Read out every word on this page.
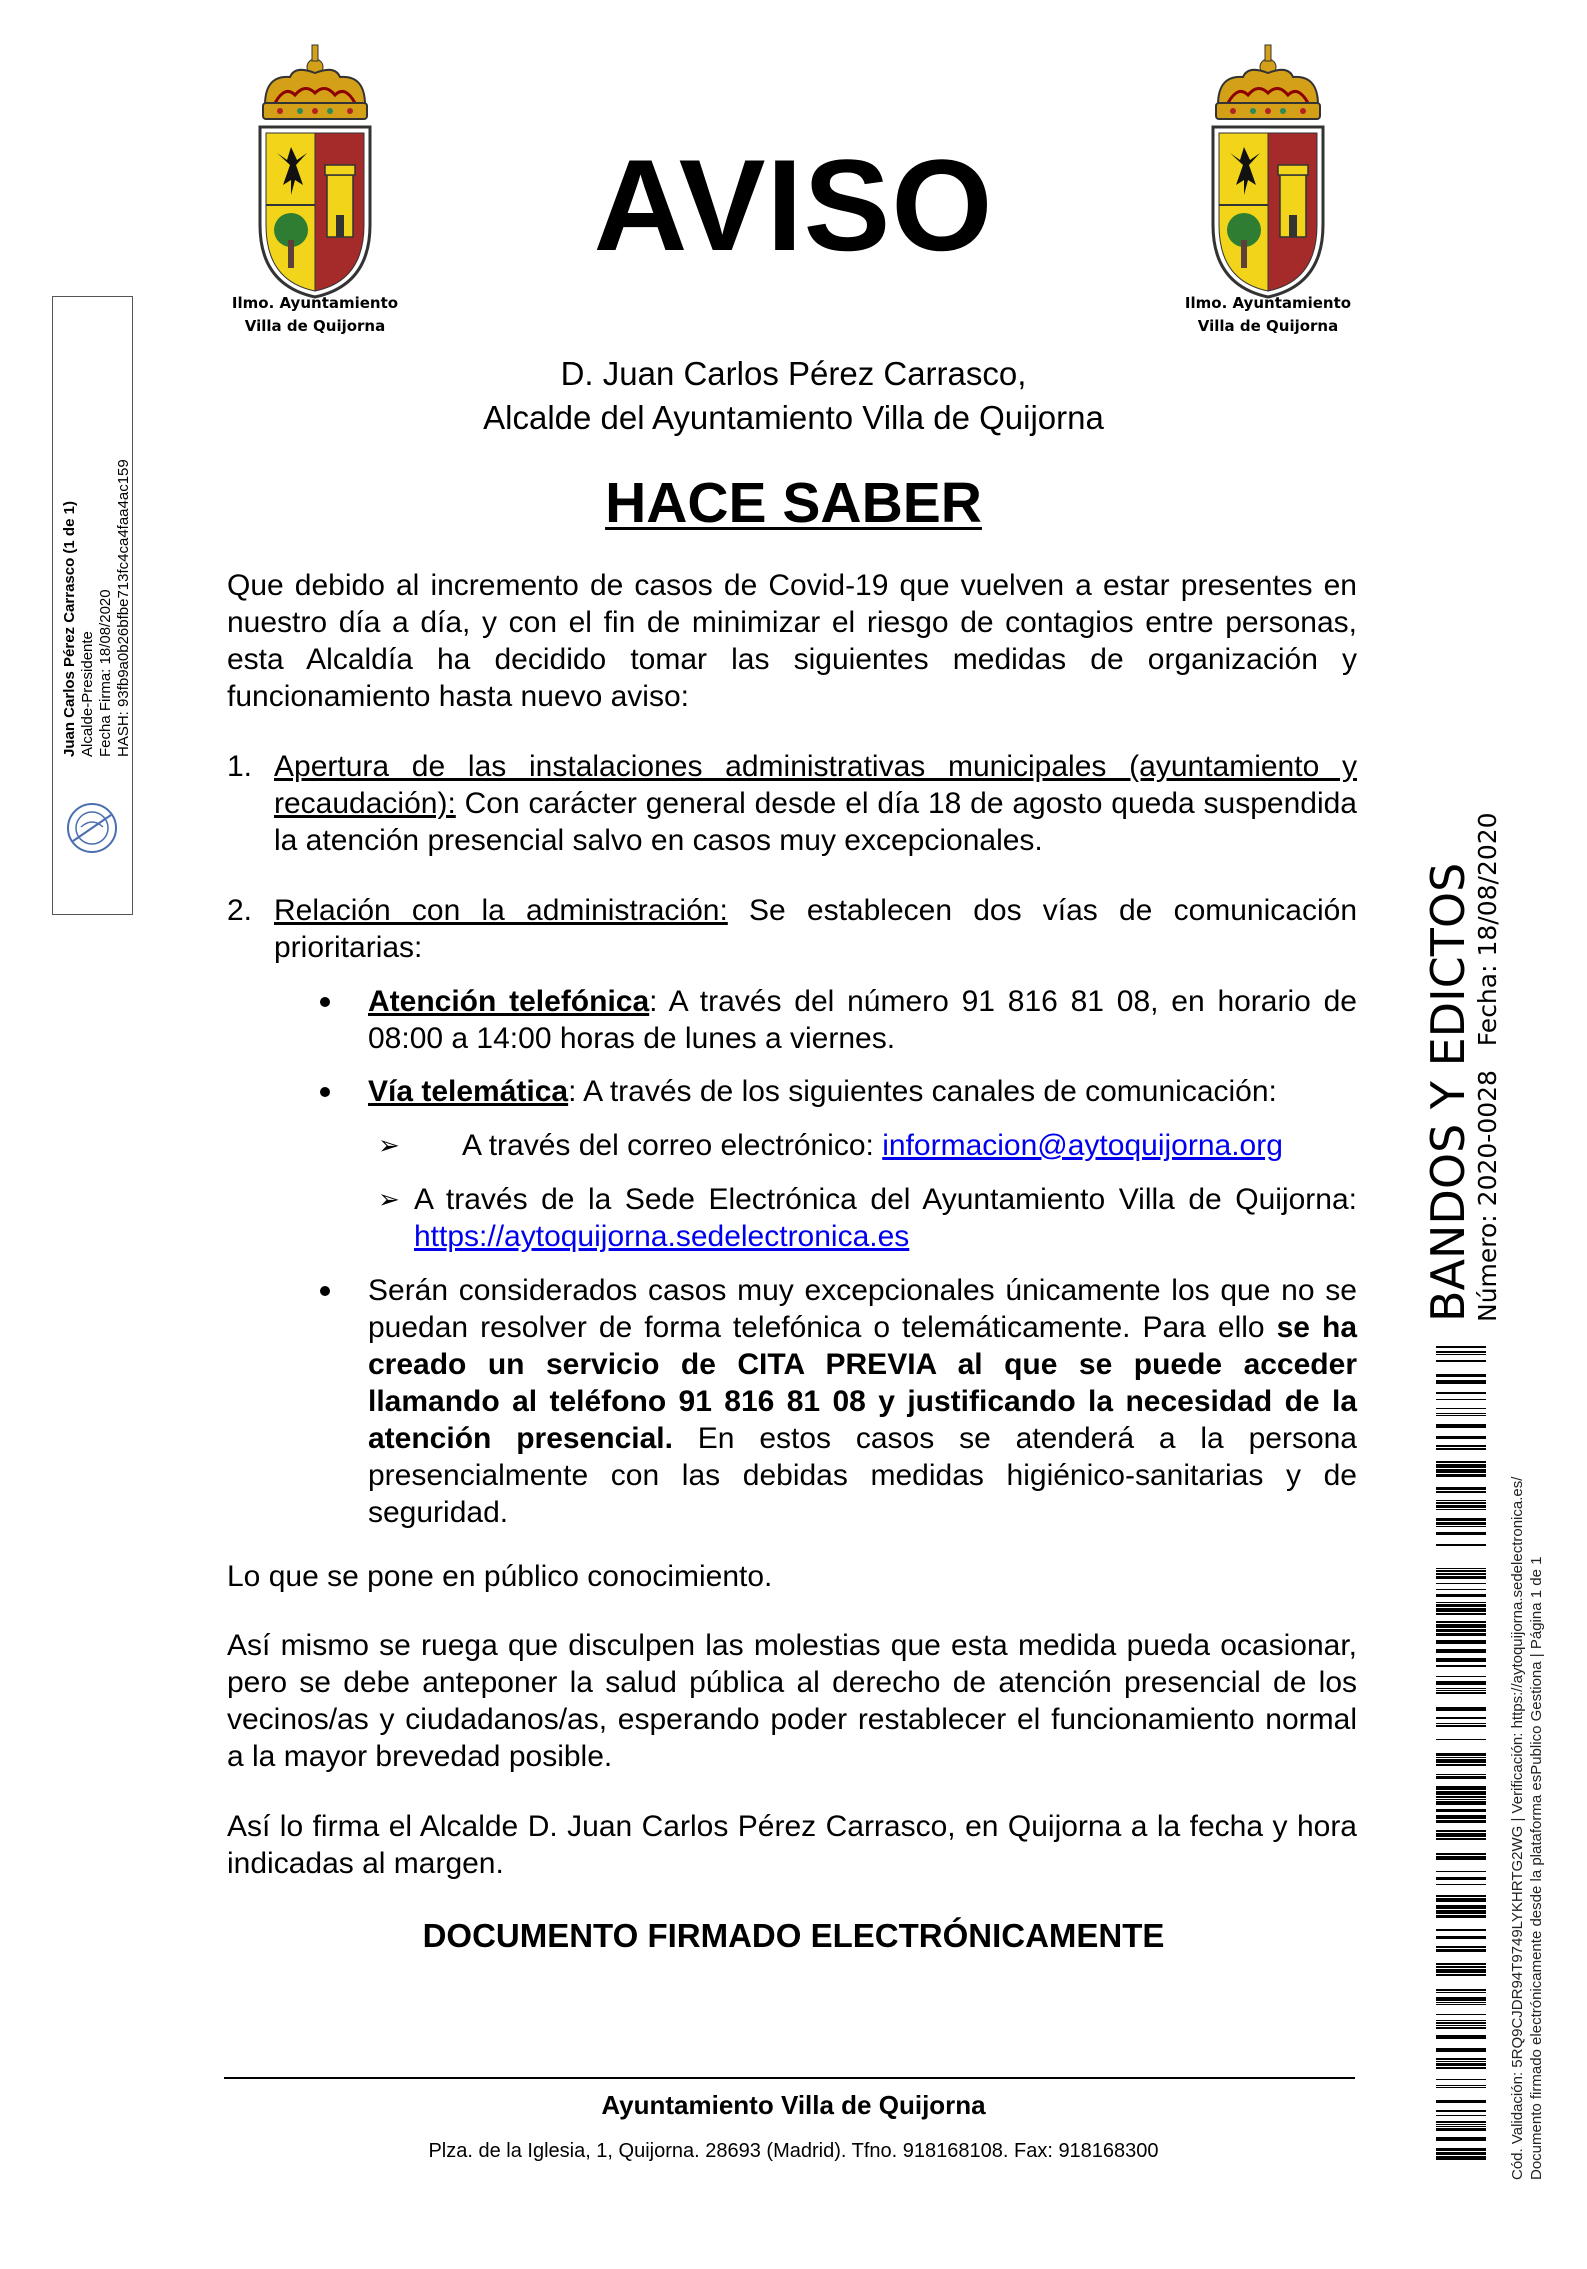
Ilmo. Ayuntamiento
Villa de Quijorna
Ilmo. Ayuntamiento
Villa de Quijorna
AVISO
D. Juan Carlos Pérez Carrasco,
Alcalde del Ayuntamiento Villa de Quijorna
HACE SABER

Que debido al incremento de casos de Covid-19 que vuelven a estar presentes en nuestro día a día, y con el fin de minimizar el riesgo de contagios entre personas, esta Alcaldía ha decidido tomar las siguientes medidas de organización y funcionamiento hasta nuevo aviso:

1. Apertura de las instalaciones administrativas municipales (ayuntamiento y recaudación): Con carácter general desde el día 18 de agosto queda suspendida la atención presencial salvo en casos muy excepcionales.
2. Relación con la administración: Se establecen dos vías de comunicación prioritarias:
Atención telefónica: A través del número 91 816 81 08, en horario de 08:00 a 14:00 horas de lunes a viernes.
Vía telemática: A través de los siguientes canales de comunicación:
➢ A través del correo electrónico: informacion@aytoquijorna.org
➢ A través de la Sede Electrónica del Ayuntamiento Villa de Quijorna: https://aytoquijorna.sedelectronica.es
Serán considerados casos muy excepcionales únicamente los que no se puedan resolver de forma telefónica o telemáticamente. Para ello se ha creado un servicio de CITA PREVIA al que se puede acceder llamando al teléfono 91 816 81 08 y justificando la necesidad de la atención presencial. En estos casos se atenderá a la persona presencialmente con las debidas medidas higiénico-sanitarias y de seguridad.

Lo que se pone en público conocimiento.

Así mismo se ruega que disculpen las molestias que esta medida pueda ocasionar, pero se debe anteponer la salud pública al derecho de atención presencial de los vecinos/as y ciudadanos/as, esperando poder restablecer el funcionamiento normal a la mayor brevedad posible.

Así lo firma el Alcalde D. Juan Carlos Pérez Carrasco, en Quijorna a la fecha y hora indicadas al margen.

DOCUMENTO FIRMADO ELECTRÓNICAMENTE
Ayuntamiento Villa de Quijorna
Plza. de la Iglesia, 1, Quijorna. 28693 (Madrid). Tfno. 918168108. Fax: 918168300
Juan Carlos Pérez Carrasco (1 de 1) Alcalde-Presidente Fecha Firma: 18/08/2020 HASH: 93fb9a0b26bfbe713fc4ca4faa4ac159
BANDOS Y EDICTOS
Número: 2020-0028   Fecha: 18/08/2020
Cód. Validación: 5RQ9CJDR94T9749LYKHRTG2WG | Verificación: https://aytoquijorna.sedelectronica.es/ Documento firmado electrónicamente desde la plataforma esPublico Gestiona | Página 1 de 1
